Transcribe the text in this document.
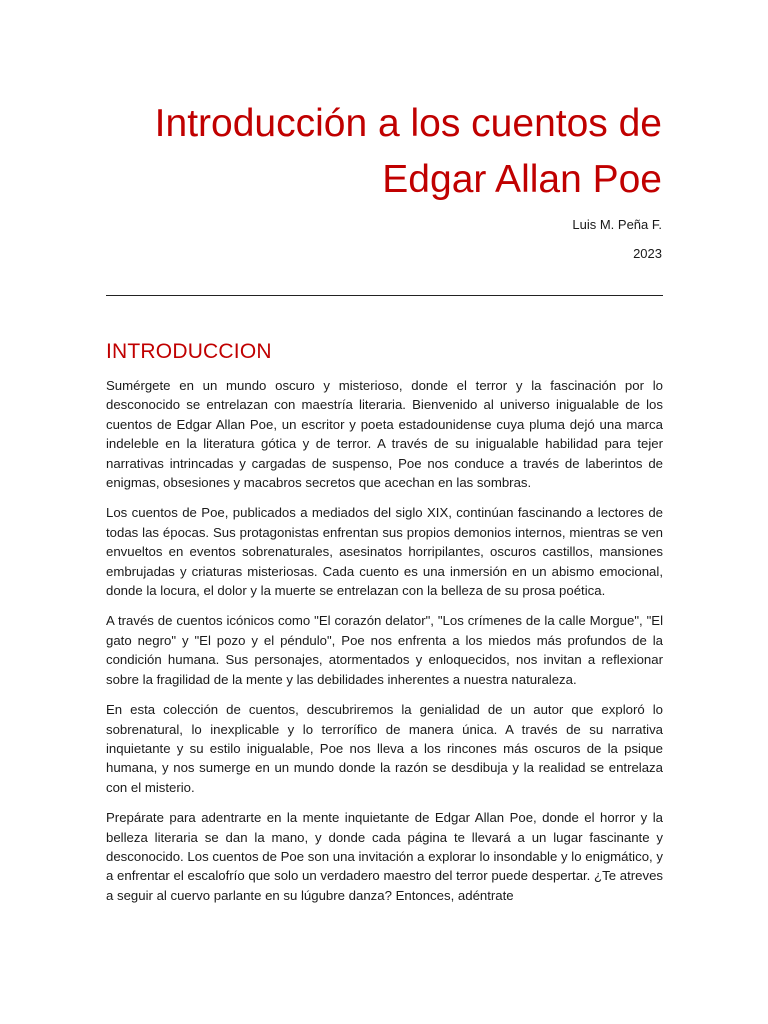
Introducción a los cuentos de
Edgar Allan Poe
Luis M. Peña F.
2023
INTRODUCCION

Sumérgete en un mundo oscuro y misterioso, donde el terror y la fascinación por lo desconocido se entrelazan con maestría literaria. Bienvenido al universo inigualable de los cuentos de Edgar Allan Poe, un escritor y poeta estadounidense cuya pluma dejó una marca indeleble en la literatura gótica y de terror. A través de su inigualable habilidad para tejer narrativas intrincadas y cargadas de suspenso, Poe nos conduce a través de laberintos de enigmas, obsesiones y macabros secretos que acechan en las sombras.

Los cuentos de Poe, publicados a mediados del siglo XIX, continúan fascinando a lectores de todas las épocas. Sus protagonistas enfrentan sus propios demonios internos, mientras se ven envueltos en eventos sobrenaturales, asesinatos horripilantes, oscuros castillos, mansiones embrujadas y criaturas misteriosas. Cada cuento es una inmersión en un abismo emocional, donde la locura, el dolor y la muerte se entrelazan con la belleza de su prosa poética.

A través de cuentos icónicos como "El corazón delator", "Los crímenes de la calle Morgue", "El gato negro" y "El pozo y el péndulo", Poe nos enfrenta a los miedos más profundos de la condición humana. Sus personajes, atormentados y enloquecidos, nos invitan a reflexionar sobre la fragilidad de la mente y las debilidades inherentes a nuestra naturaleza.

En esta colección de cuentos, descubriremos la genialidad de un autor que exploró lo sobrenatural, lo inexplicable y lo terrorífico de manera única. A través de su narrativa inquietante y su estilo inigualable, Poe nos lleva a los rincones más oscuros de la psique humana, y nos sumerge en un mundo donde la razón se desdibuja y la realidad se entrelaza con el misterio.

Prepárate para adentrarte en la mente inquietante de Edgar Allan Poe, donde el horror y la belleza literaria se dan la mano, y donde cada página te llevará a un lugar fascinante y desconocido. Los cuentos de Poe son una invitación a explorar lo insondable y lo enigmático, y a enfrentar el escalofrío que solo un verdadero maestro del terror puede despertar. ¿Te atreves a seguir al cuervo parlante en su lúgubre danza? Entonces, adéntrate
